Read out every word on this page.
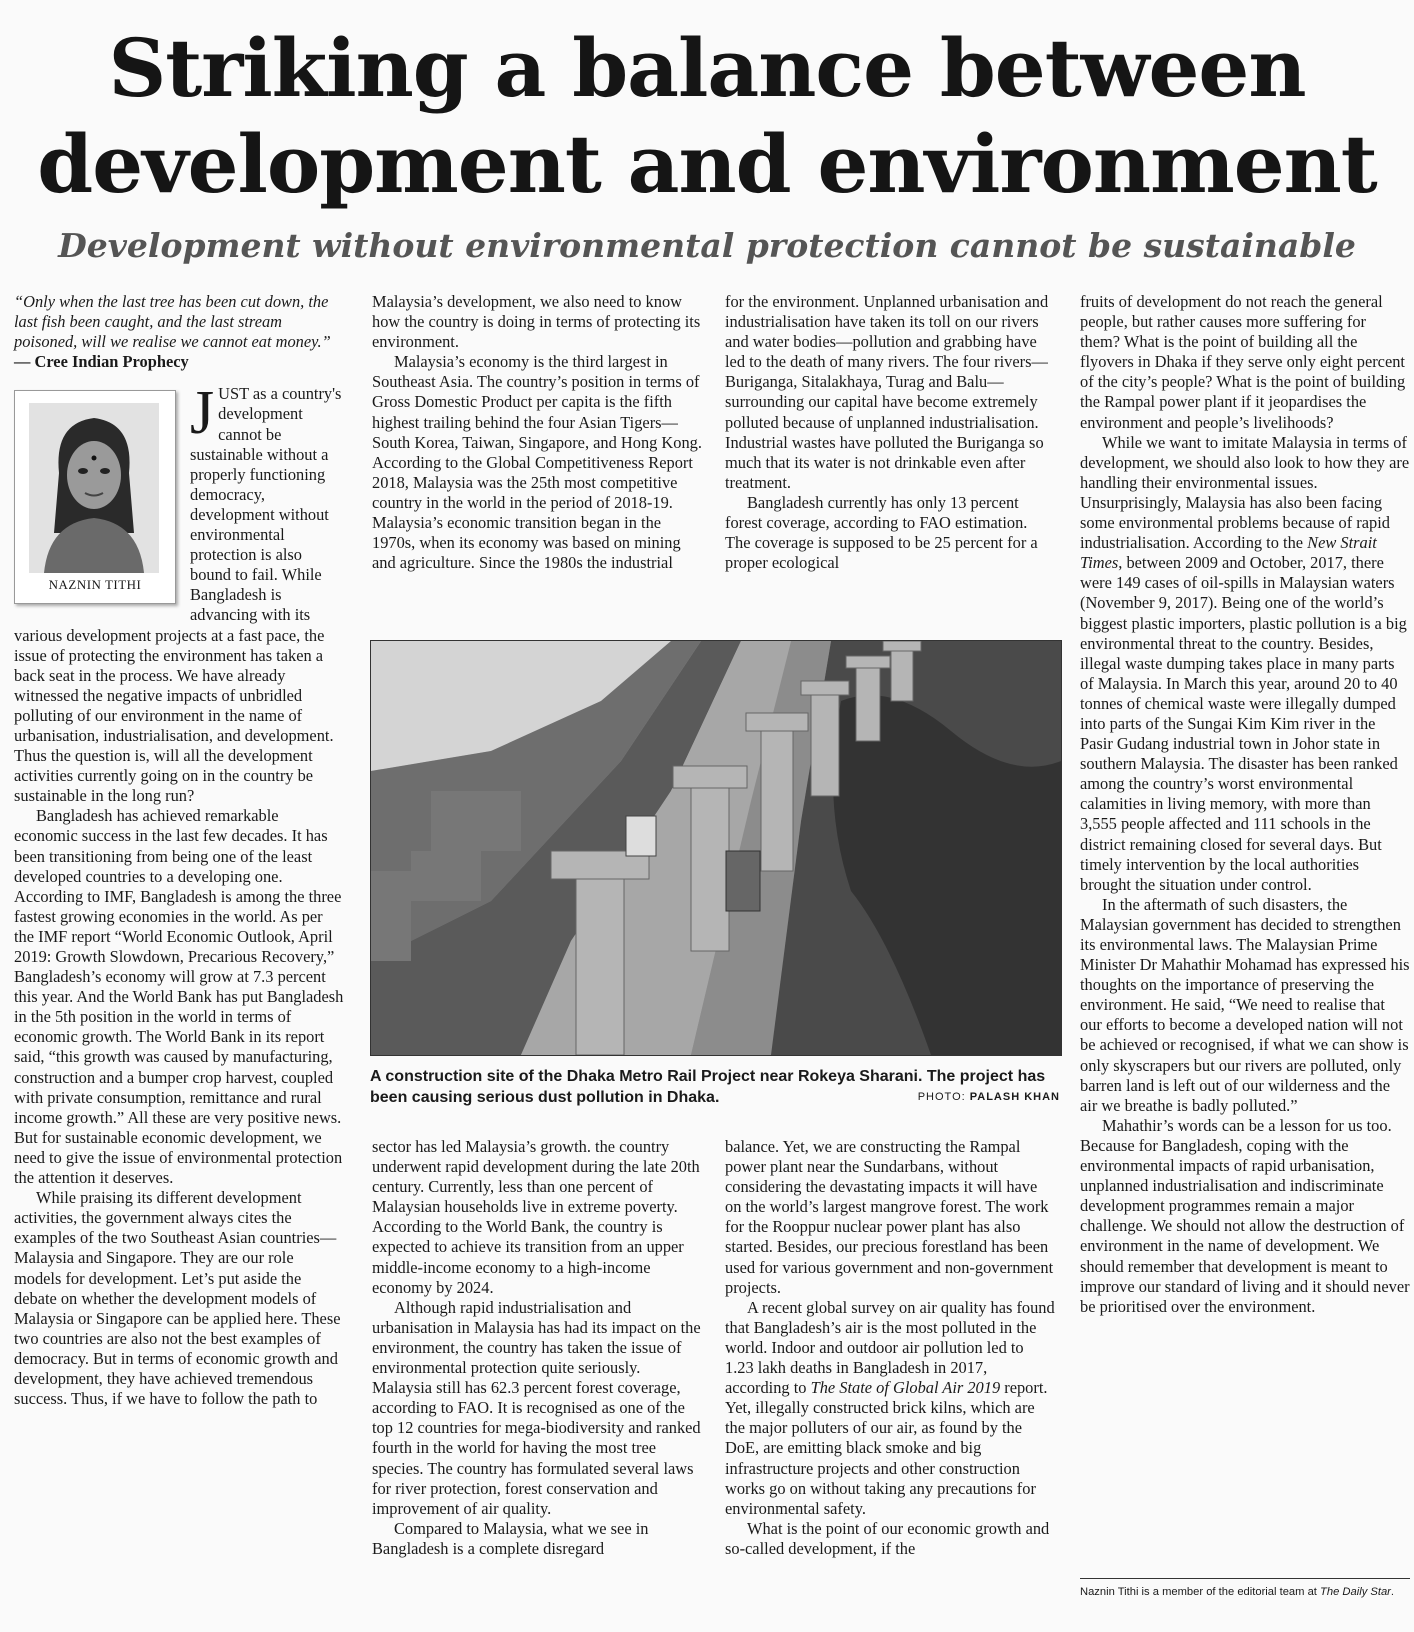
Striking a balance between development and environment
Development without environmental protection cannot be sustainable

“Only when the last tree has been cut down, the last fish been caught, and the last stream poisoned, will we realise we cannot eat money.” — Cree Indian Prophecy

NAZNIN TITHI

JUST as a country's development cannot be sustainable without a properly functioning democracy, development without environmental protection is also bound to fail. While Bangladesh is advancing with its various development projects at a fast pace, the issue of protecting the environment has taken a back seat in the process. We have already witnessed the negative impacts of unbridled polluting of our environment in the name of urbanisation, industrialisation, and development. Thus the question is, will all the development activities currently going on in the country be sustainable in the long run?

Bangladesh has achieved remarkable economic success in the last few decades. It has been transitioning from being one of the least developed countries to a developing one. According to IMF, Bangladesh is among the three fastest growing economies in the world. As per the IMF report “World Economic Outlook, April 2019: Growth Slowdown, Precarious Recovery,” Bangladesh’s economy will grow at 7.3 percent this year. And the World Bank has put Bangladesh in the 5th position in the world in terms of economic growth. The World Bank in its report said, “this growth was caused by manufacturing, construction and a bumper crop harvest, coupled with private consumption, remittance and rural income growth.” All these are very positive news. But for sustainable economic development, we need to give the issue of environmental protection the attention it deserves.

While praising its different development activities, the government always cites the examples of the two Southeast Asian countries—Malaysia and Singapore. They are our role models for development. Let’s put aside the debate on whether the development models of Malaysia or Singapore can be applied here. These two countries are also not the best examples of democracy. But in terms of economic growth and development, they have achieved tremendous success. Thus, if we have to follow the path to

Malaysia’s development, we also need to know how the country is doing in terms of protecting its environment.

Malaysia’s economy is the third largest in Southeast Asia. The country’s position in terms of Gross Domestic Product per capita is the fifth highest trailing behind the four Asian Tigers—South Korea, Taiwan, Singapore, and Hong Kong. According to the Global Competitiveness Report 2018, Malaysia was the 25th most competitive country in the world in the period of 2018-19. Malaysia’s economic transition began in the 1970s, when its economy was based on mining and agriculture. Since the 1980s the industrial

for the environment. Unplanned urbanisation and industrialisation have taken its toll on our rivers and water bodies—pollution and grabbing have led to the death of many rivers. The four rivers—Buriganga, Sitalakhaya, Turag and Balu—surrounding our capital have become extremely polluted because of unplanned industrialisation. Industrial wastes have polluted the Buriganga so much that its water is not drinkable even after treatment.

Bangladesh currently has only 13 percent forest coverage, according to FAO estimation. The coverage is supposed to be 25 percent for a proper ecological

fruits of development do not reach the general people, but rather causes more suffering for them? What is the point of building all the flyovers in Dhaka if they serve only eight percent of the city’s people? What is the point of building the Rampal power plant if it jeopardises the environment and people’s livelihoods?

While we want to imitate Malaysia in terms of development, we should also look to how they are handling their environmental issues. Unsurprisingly, Malaysia has also been facing some environmental problems because of rapid industrialisation. According to the New Strait Times, between 2009 and October, 2017, there were 149 cases of oil-spills in Malaysian waters (November 9, 2017). Being one of the world’s biggest plastic importers, plastic pollution is a big environmental threat to the country. Besides, illegal waste dumping takes place in many parts of Malaysia. In March this year, around 20 to 40 tonnes of chemical waste were illegally dumped into parts of the Sungai Kim Kim river in the Pasir Gudang industrial town in Johor state in southern Malaysia. The disaster has been ranked among the country’s worst environmental calamities in living memory, with more than 3,555 people affected and 111 schools in the district remaining closed for several days. But timely intervention by the local authorities brought the situation under control.

In the aftermath of such disasters, the Malaysian government has decided to strengthen its environmental laws. The Malaysian Prime Minister Dr Mahathir Mohamad has expressed his thoughts on the importance of preserving the environment. He said, “We need to realise that our efforts to become a developed nation will not be achieved or recognised, if what we can show is only skyscrapers but our rivers are polluted, only barren land is left out of our wilderness and the air we breathe is badly polluted.”

Mahathir’s words can be a lesson for us too. Because for Bangladesh, coping with the environmental impacts of rapid urbanisation, unplanned industrialisation and indiscriminate development programmes remain a major challenge. We should not allow the destruction of environment in the name of development. We should remember that development is meant to improve our standard of living and it should never be prioritised over the environment.

A construction site of the Dhaka Metro Rail Project near Rokeya Sharani. The project has been causing serious dust pollution in Dhaka.	PHOTO: PALASH KHAN

sector has led Malaysia’s growth. the country underwent rapid development during the late 20th century. Currently, less than one percent of Malaysian households live in extreme poverty. According to the World Bank, the country is expected to achieve its transition from an upper middle-income economy to a high-income economy by 2024.

Although rapid industrialisation and urbanisation in Malaysia has had its impact on the environment, the country has taken the issue of environmental protection quite seriously. Malaysia still has 62.3 percent forest coverage, according to FAO. It is recognised as one of the top 12 countries for mega-biodiversity and ranked fourth in the world for having the most tree species. The country has formulated several laws for river protection, forest conservation and improvement of air quality.

Compared to Malaysia, what we see in Bangladesh is a complete disregard

balance. Yet, we are constructing the Rampal power plant near the Sundarbans, without considering the devastating impacts it will have on the world’s largest mangrove forest. The work for the Rooppur nuclear power plant has also started. Besides, our precious forestland has been used for various government and non-government projects.

A recent global survey on air quality has found that Bangladesh’s air is the most polluted in the world. Indoor and outdoor air pollution led to 1.23 lakh deaths in Bangladesh in 2017, according to The State of Global Air 2019 report. Yet, illegally constructed brick kilns, which are the major polluters of our air, as found by the DoE, are emitting black smoke and big infrastructure projects and other construction works go on without taking any precautions for environmental safety.

What is the point of our economic growth and so-called development, if the

Naznin Tithi is a member of the editorial team at The Daily Star.
